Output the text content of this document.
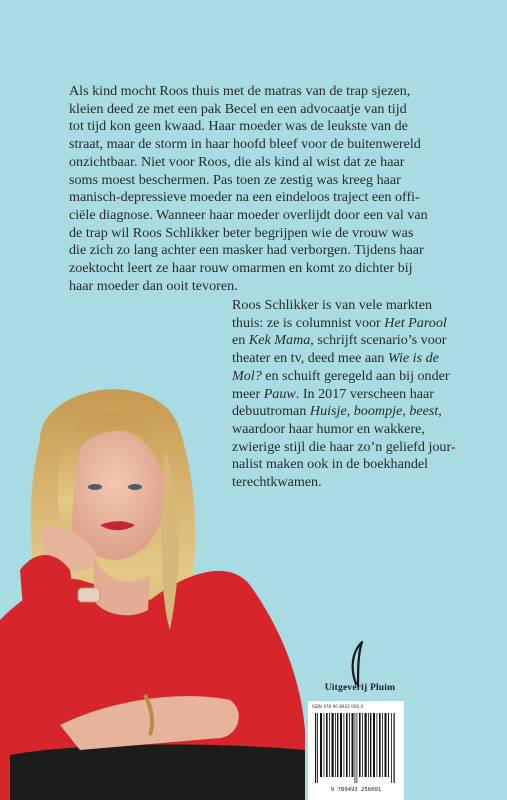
Als kind mocht Roos thuis met de matras van de trap sjezen,
kleien deed ze met een pak Becel en een advocaatje van tijd
tot tijd kon geen kwaad. Haar moeder was de leukste van de
straat, maar de storm in haar hoofd bleef voor de buitenwereld
onzichtbaar. Niet voor Roos, die als kind al wist dat ze haar
soms moest beschermen. Pas toen ze zestig was kreeg haar
manisch-depressieve moeder na een eindeloos traject een offi-
ciële diagnose. Wanneer haar moeder overlijdt door een val van
de trap wil Roos Schlikker beter begrijpen wie de vrouw was
die zich zo lang achter een masker had verborgen. Tijdens haar
zoektocht leert ze haar rouw omarmen en komt zo dichter bij
haar moeder dan ooit tevoren.
Roos Schlikker is van vele markten
thuis: ze is columnist voor Het Parool
en Kek Mama, schrijft scenario’s voor
theater en tv, deed mee aan Wie is de
Mol? en schuift geregeld aan bij onder
meer Pauw. In 2017 verscheen haar
debuutroman Huisje, boompje, beest,
waardoor haar humor en wakkere,
zwierige stijl die haar zo’n geliefd jour-
nalist maken ook in de boekhandel
terechtkwamen.
Uitgeverij Pluim
ISBN 978 90 8932 000 0
9 789493 256001
